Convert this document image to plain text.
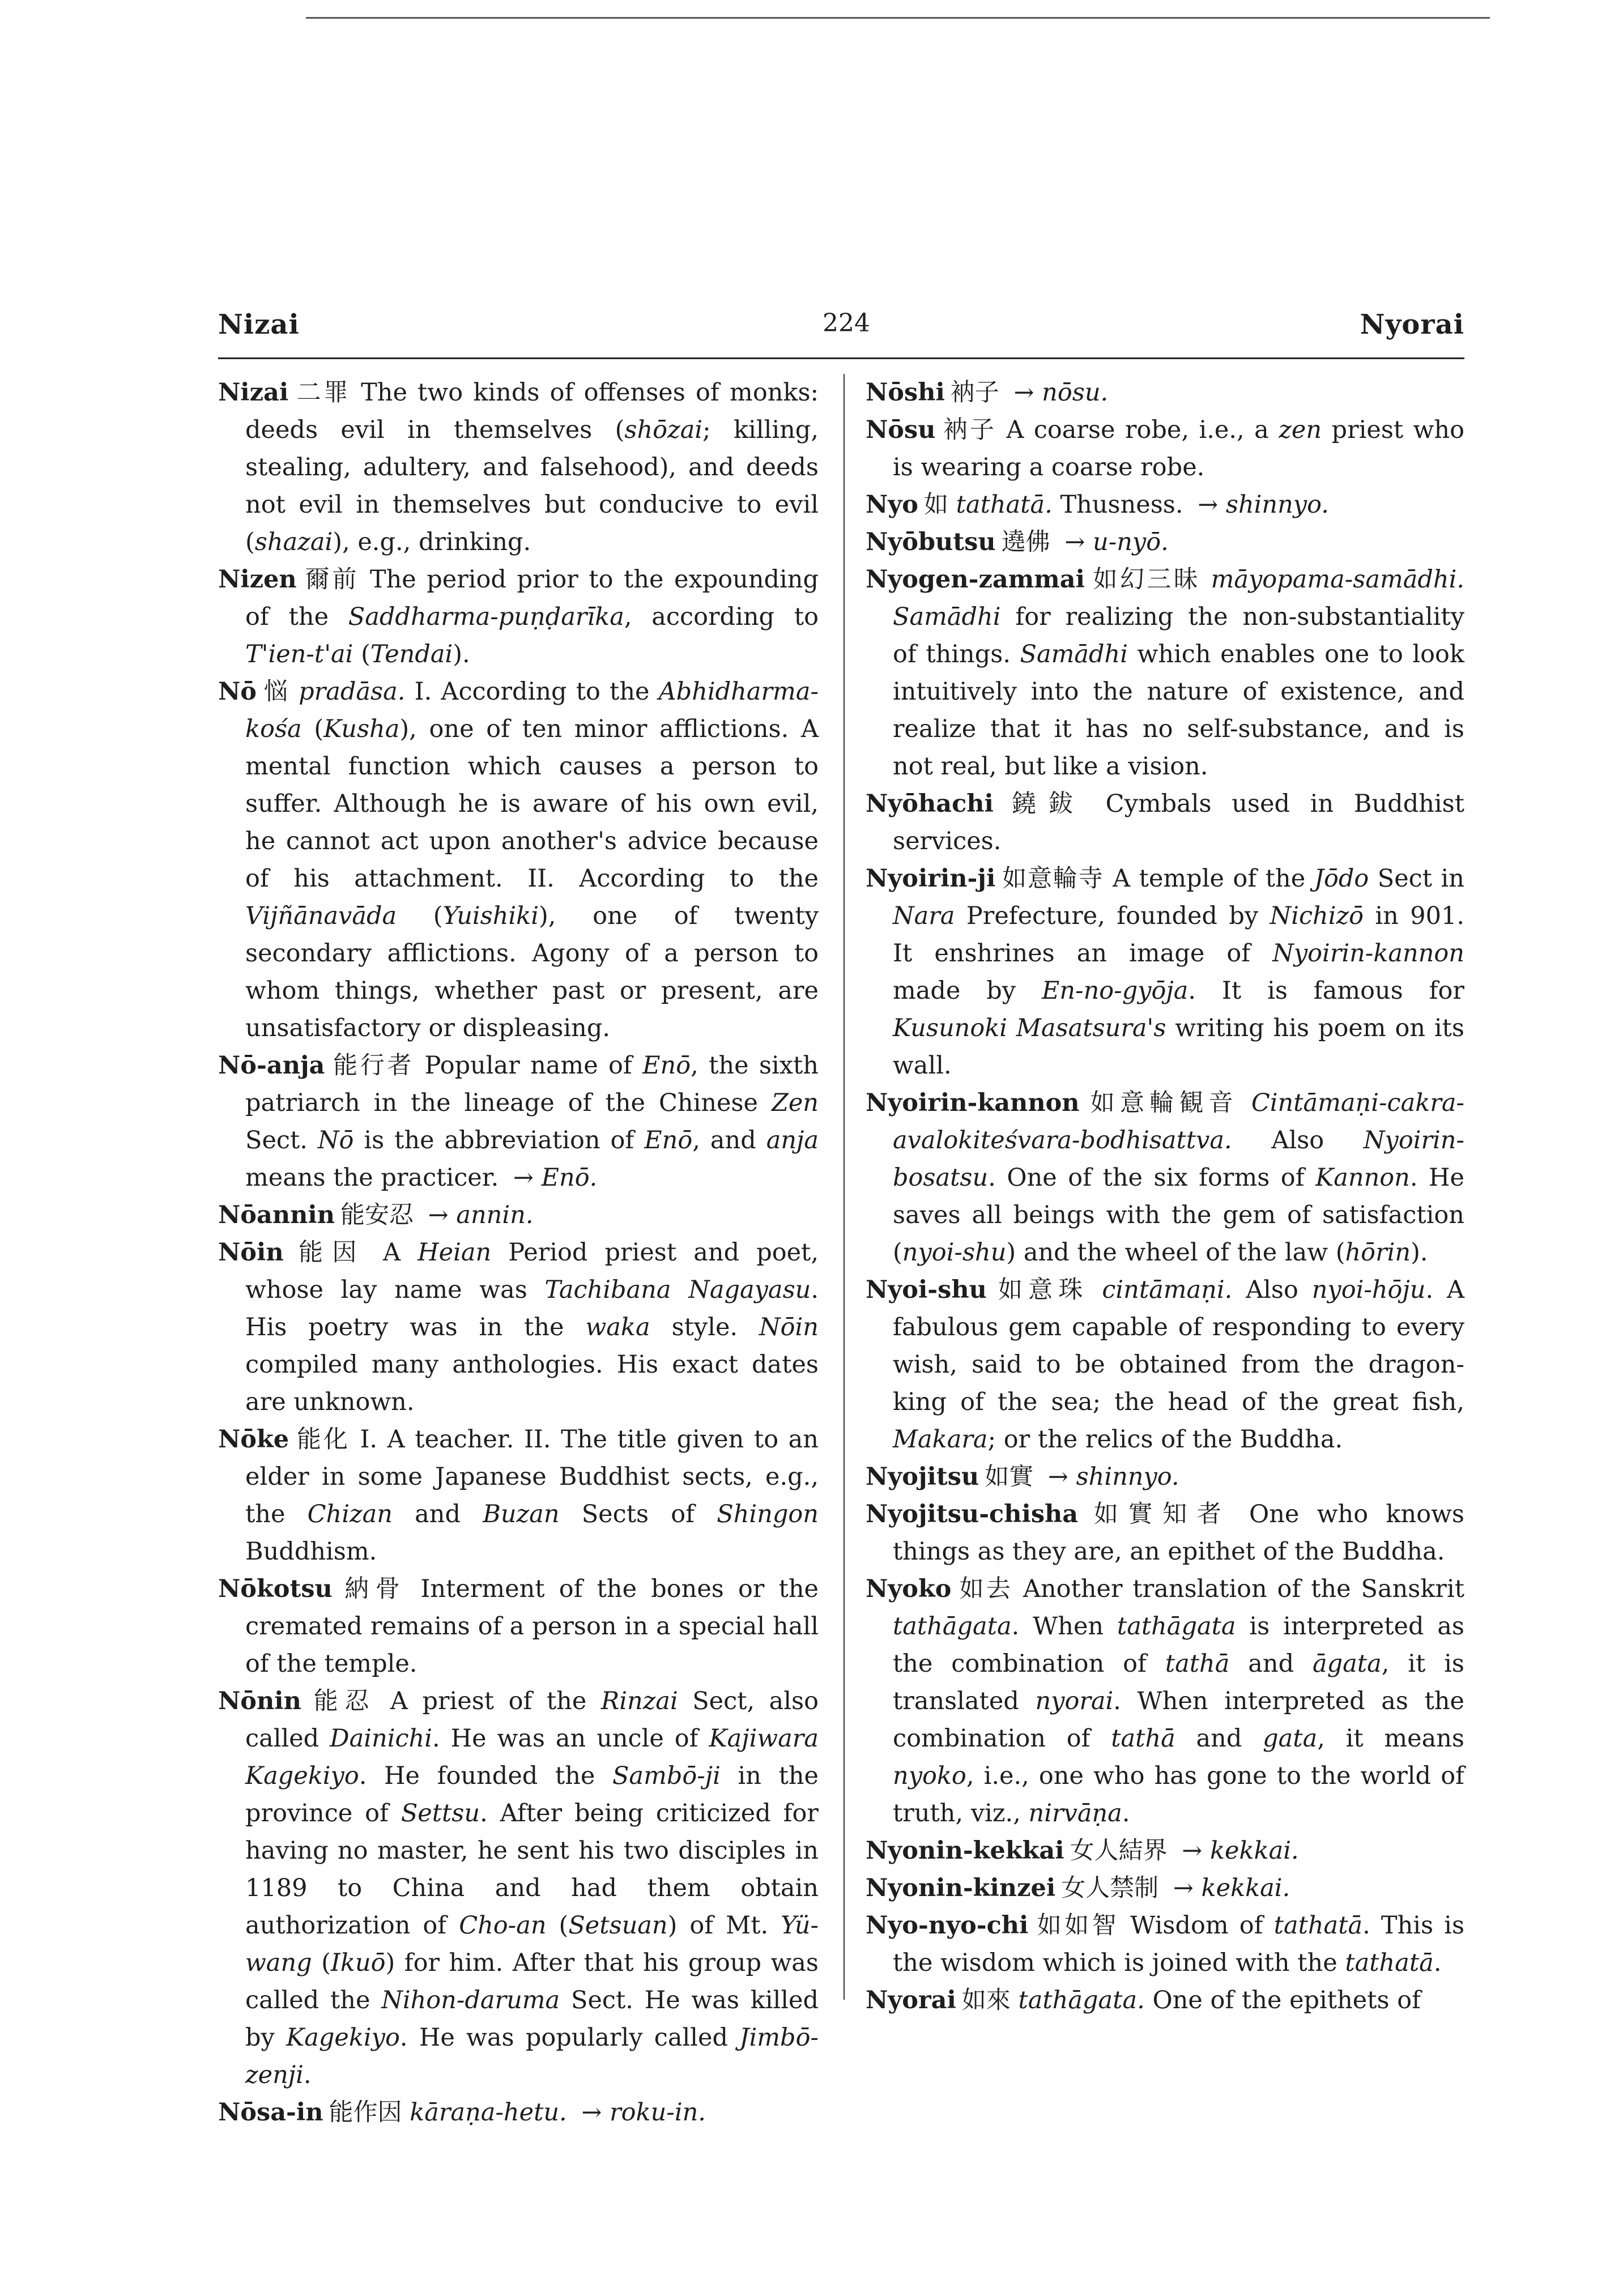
Nizai	224	Nyorai

Nizai 二罪 The two kinds of offenses of monks: deeds evil in themselves (shōzai; killing, stealing, adultery, and falsehood), and deeds not evil in themselves but conducive to evil (shazai), e.g., drinking.

Nizen 爾前 The period prior to the expounding of the Saddharma-puṇḍarīka, according to T'ien-t'ai (Tendai).

Nō 悩 pradāsa. I. According to the Abhidharma-kośa (Kusha), one of ten minor afflictions. A mental function which causes a person to suffer. Although he is aware of his own evil, he cannot act upon another's advice because of his attachment. II. According to the Vijñānavāda (Yuishiki), one of twenty secondary afflictions. Agony of a person to whom things, whether past or present, are unsatisfactory or displeasing.

Nō-anja 能行者 Popular name of Enō, the sixth patriarch in the lineage of the Chinese Zen Sect. Nō is the abbreviation of Enō, and anja means the practicer. → Enō.

Nōannin 能安忍 → annin.

Nōin 能因 A Heian Period priest and poet, whose lay name was Tachibana Nagayasu. His poetry was in the waka style. Nōin compiled many anthologies. His exact dates are unknown.

Nōke 能化 I. A teacher. II. The title given to an elder in some Japanese Buddhist sects, e.g., the Chizan and Buzan Sects of Shingon Buddhism.

Nōkotsu 納骨 Interment of the bones or the cremated remains of a person in a special hall of the temple.

Nōnin 能忍 A priest of the Rinzai Sect, also called Dainichi. He was an uncle of Kajiwara Kagekiyo. He founded the Sambō-ji in the province of Settsu. After being criticized for having no master, he sent his two disciples in 1189 to China and had them obtain authorization of Cho-an (Setsuan) of Mt. Yü-wang (Ikuō) for him. After that his group was called the Nihon-daruma Sect. He was killed by Kagekiyo. He was popularly called Jimbō-zenji.

Nōsa-in 能作因 kāraṇa-hetu. → roku-in.

Nōshi 衲子 → nōsu.

Nōsu 衲子 A coarse robe, i.e., a zen priest who is wearing a coarse robe.

Nyo 如 tathatā. Thusness. → shinnyo.

Nyōbutsu 遶佛 → u-nyō.

Nyogen-zammai 如幻三昧 māyopama-samādhi. Samādhi for realizing the non-substantiality of things. Samādhi which enables one to look intuitively into the nature of existence, and realize that it has no self-substance, and is not real, but like a vision.

Nyōhachi 鐃鈸 Cymbals used in Buddhist services.

Nyoirin-ji 如意輪寺 A temple of the Jōdo Sect in Nara Prefecture, founded by Nichizō in 901. It enshrines an image of Nyoirin-kannon made by En-no-gyōja. It is famous for Kusunoki Masatsura's writing his poem on its wall.

Nyoirin-kannon 如意輪観音 Cintāmaṇi-cakra-avalokiteśvara-bodhisattva. Also Nyoirin-bosatsu. One of the six forms of Kannon. He saves all beings with the gem of satisfaction (nyoi-shu) and the wheel of the law (hōrin).

Nyoi-shu 如意珠 cintāmaṇi. Also nyoi-hōju. A fabulous gem capable of responding to every wish, said to be obtained from the dragon-king of the sea; the head of the great fish, Makara; or the relics of the Buddha.

Nyojitsu 如實 → shinnyo.

Nyojitsu-chisha 如實知者 One who knows things as they are, an epithet of the Buddha.

Nyoko 如去 Another translation of the Sanskrit tathāgata. When tathāgata is interpreted as the combination of tathā and āgata, it is translated nyorai. When interpreted as the combination of tathā and gata, it means nyoko, i.e., one who has gone to the world of truth, viz., nirvāṇa.

Nyonin-kekkai 女人結界 → kekkai.

Nyonin-kinzei 女人禁制 → kekkai.

Nyo-nyo-chi 如如智 Wisdom of tathatā. This is the wisdom which is joined with the tathatā.

Nyorai 如來 tathāgata. One of the epithets of
